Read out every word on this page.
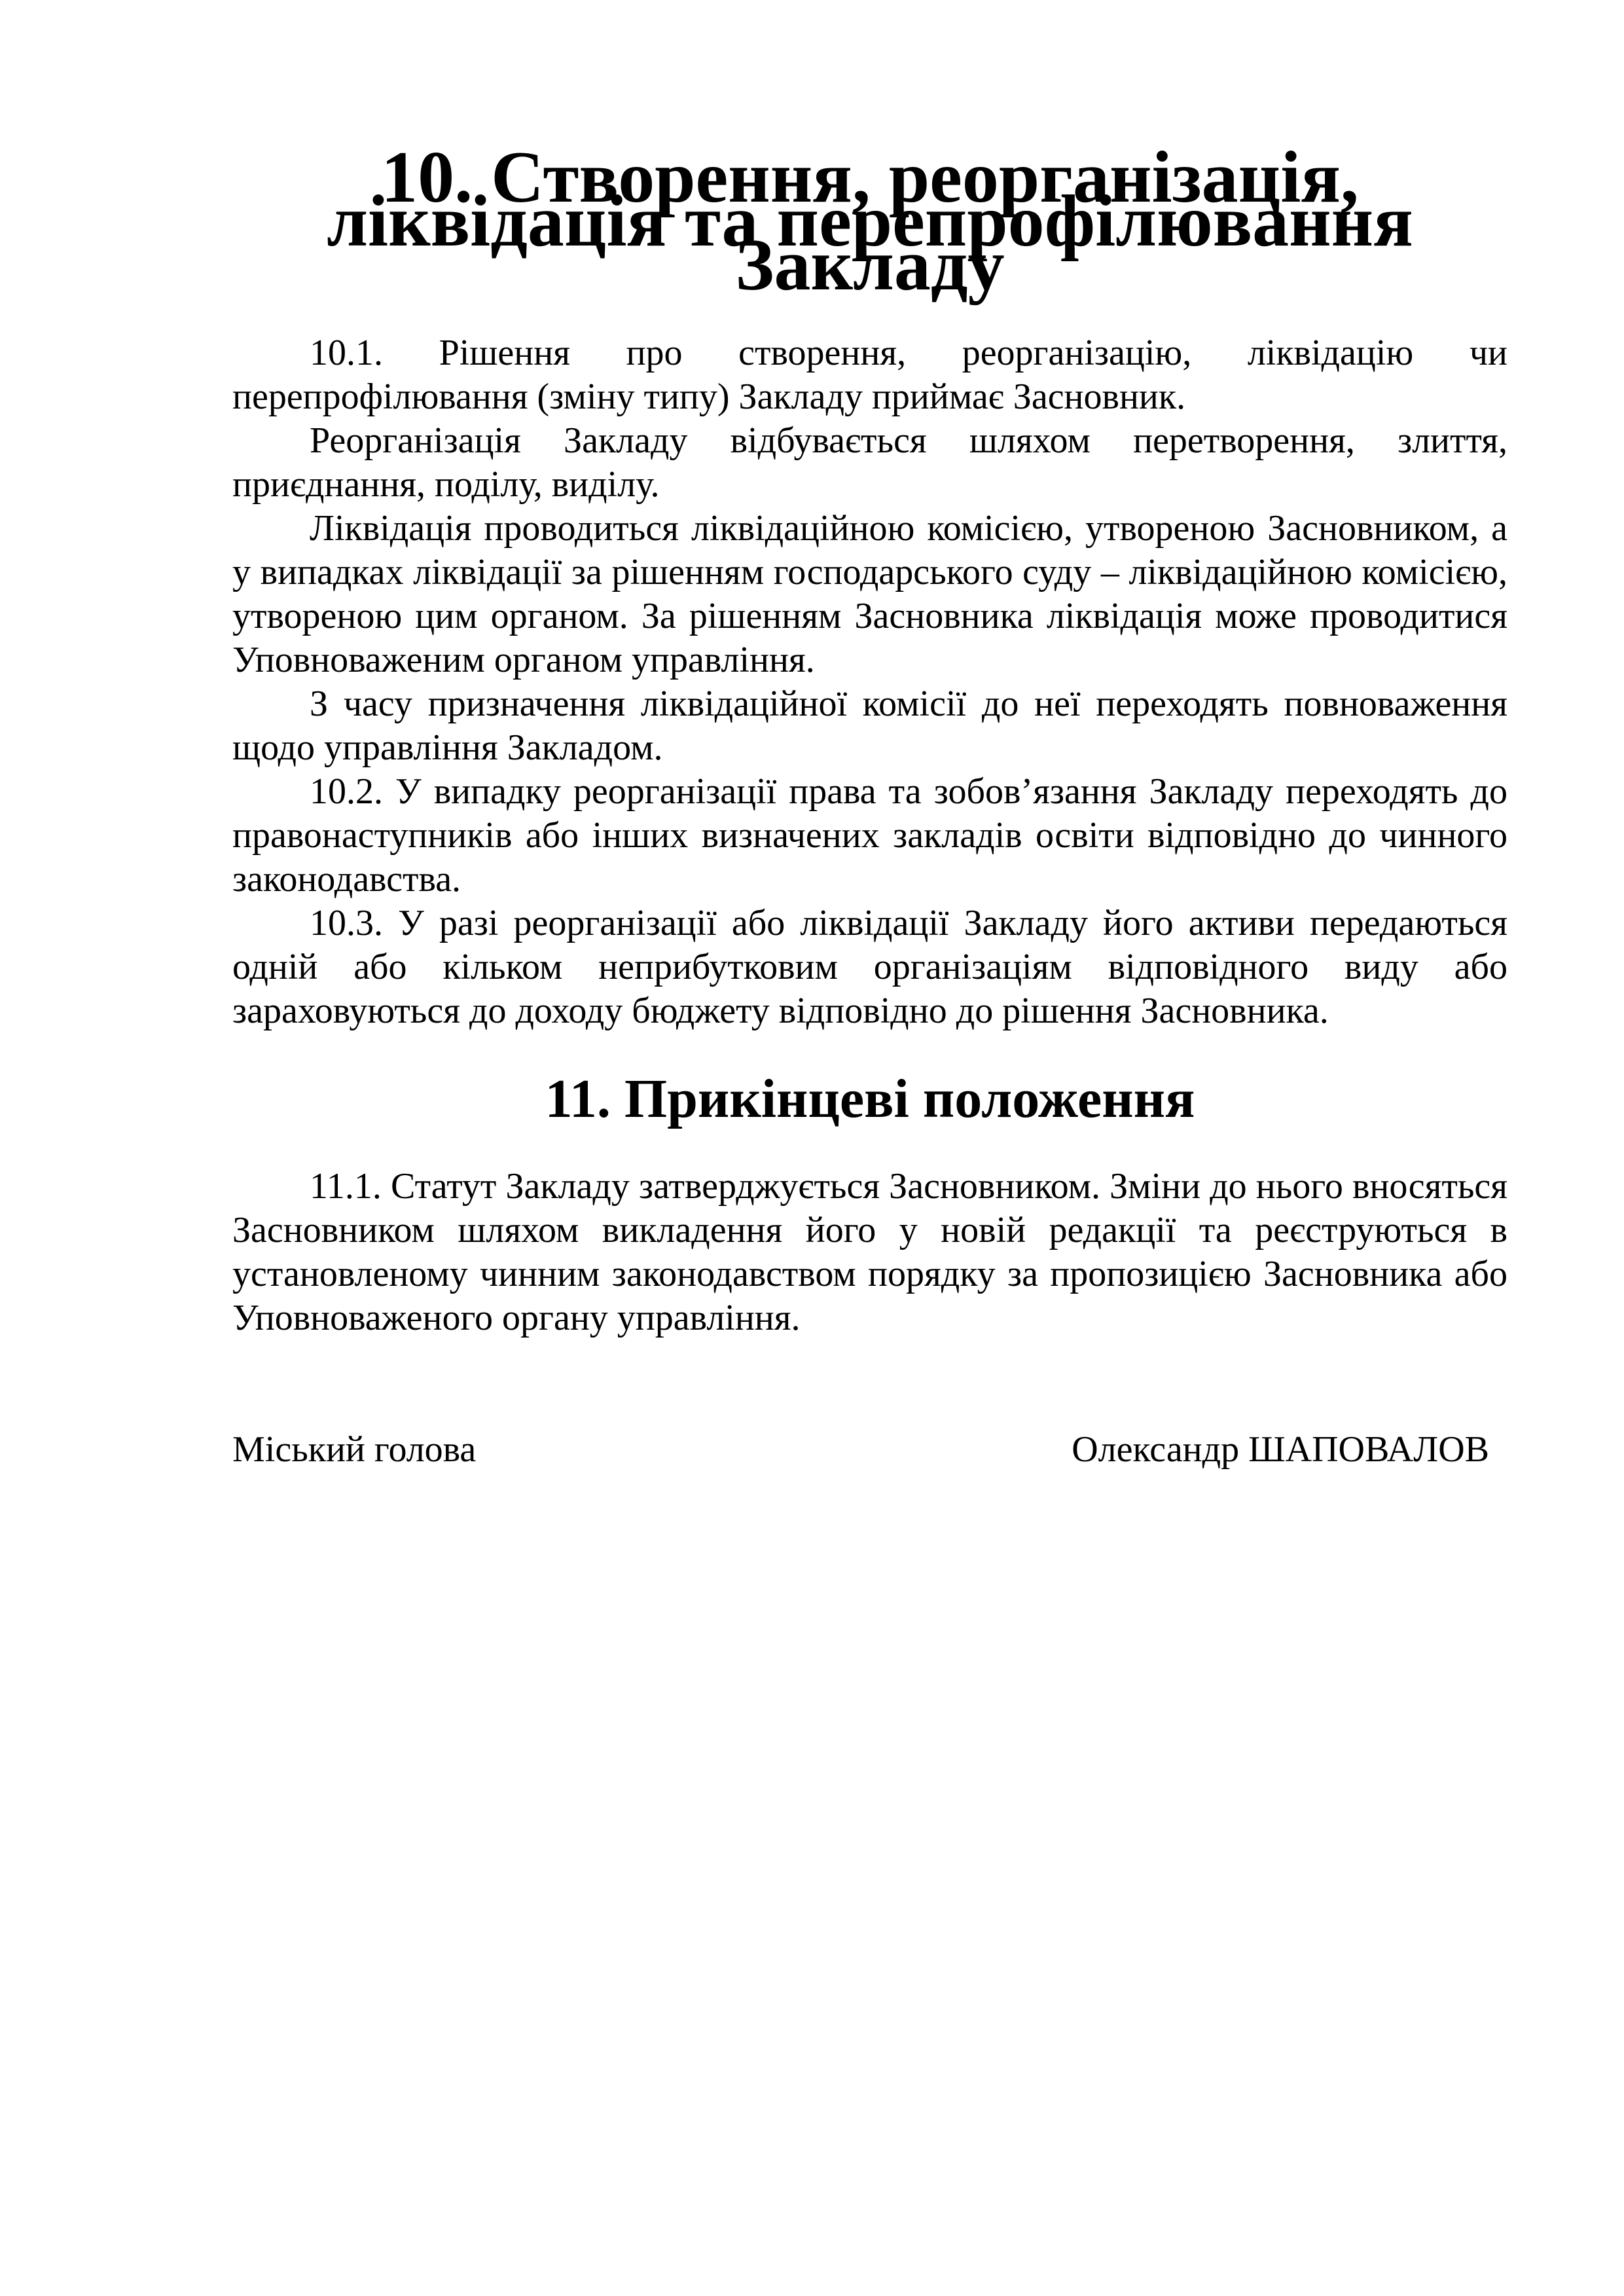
10. Створення, реорганізація, ліквідація та перепрофілювання Закладу

10.1. Рішення про створення, реорганізацію, ліквідацію чи перепрофілювання (зміну типу) Закладу приймає Засновник.

Реорганізація Закладу відбувається шляхом перетворення, злиття, приєднання, поділу, виділу.

Ліквідація проводиться ліквідаційною комісією, утвореною Засновником, а у випадках ліквідації за рішенням господарського суду – ліквідаційною комісією, утвореною цим органом. За рішенням Засновника ліквідація може проводитися Уповноваженим органом управління.

З часу призначення ліквідаційної комісії до неї переходять повноваження щодо управління Закладом.

10.2. У випадку реорганізації права та зобов’язання Закладу переходять до правонаступників або інших визначених закладів освіти відповідно до чинного законодавства.

10.3. У разі реорганізації або ліквідації Закладу його активи передаються одній або кільком неприбутковим організаціям відповідного виду або зараховуються до доходу бюджету відповідно до рішення Засновника.

11. Прикінцеві положення

11.1. Статут Закладу затверджується Засновником. Зміни до нього вносяться Засновником шляхом викладення його у новій редакції та реєструються в установленому чинним законодавством порядку за пропозицією Засновника або Уповноваженого органу управління.

Міський голова	Олександр ШАПОВАЛОВ
